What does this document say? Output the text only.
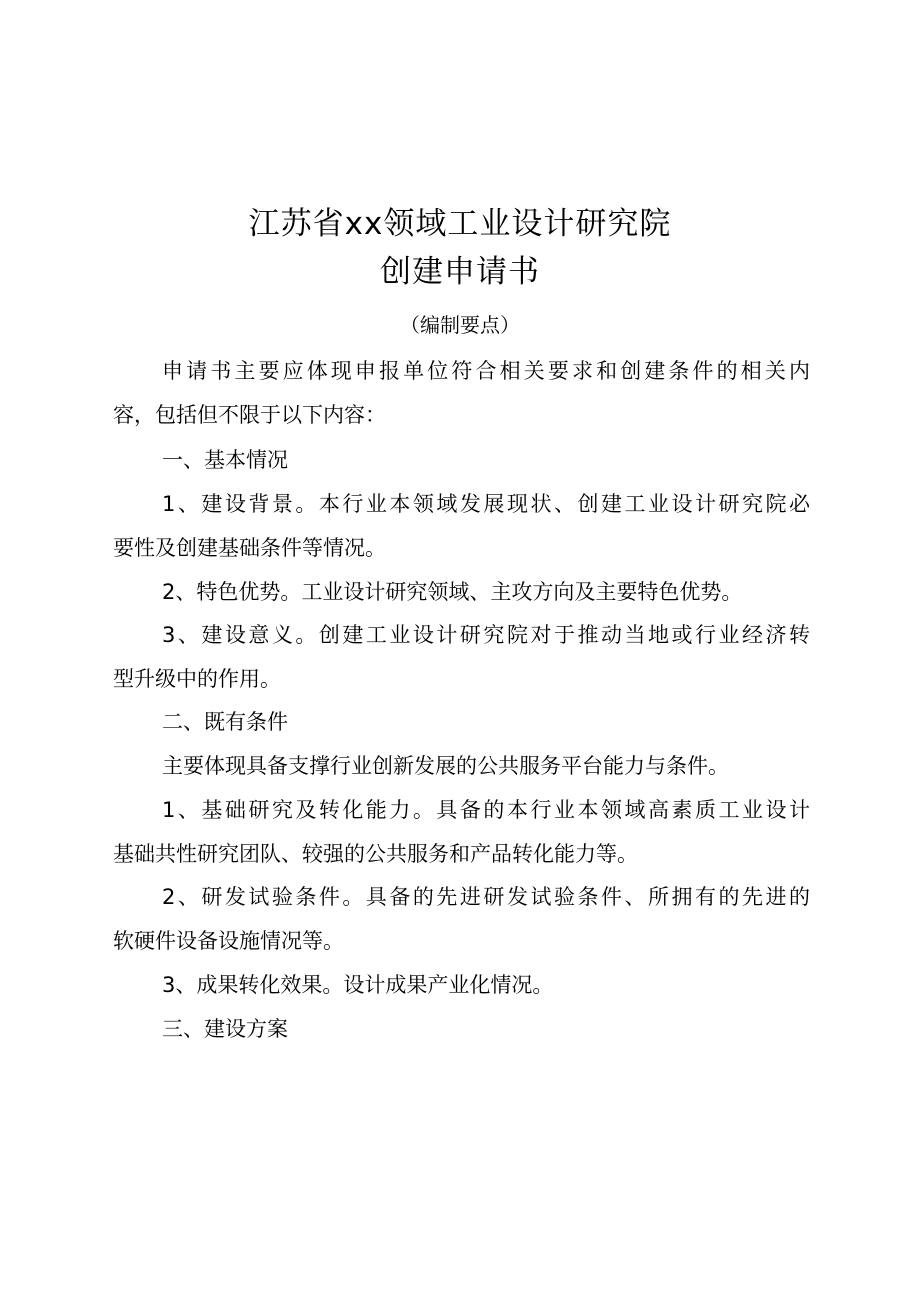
江苏省xx领域工业设计研究院
创建申请书
（编制要点）
申请书主要应体现申报单位符合相关要求和创建条件的相关内
容，包括但不限于以下内容：
一、基本情况
1、建设背景。本行业本领域发展现状、创建工业设计研究院必
要性及创建基础条件等情况。
2、特色优势。工业设计研究领域、主攻方向及主要特色优势。
3、建设意义。创建工业设计研究院对于推动当地或行业经济转
型升级中的作用。
二、既有条件
主要体现具备支撑行业创新发展的公共服务平台能力与条件。
1、基础研究及转化能力。具备的本行业本领域高素质工业设计
基础共性研究团队、较强的公共服务和产品转化能力等。
2、研发试验条件。具备的先进研发试验条件、所拥有的先进的
软硬件设备设施情况等。
3、成果转化效果。设计成果产业化情况。
三、建设方案
